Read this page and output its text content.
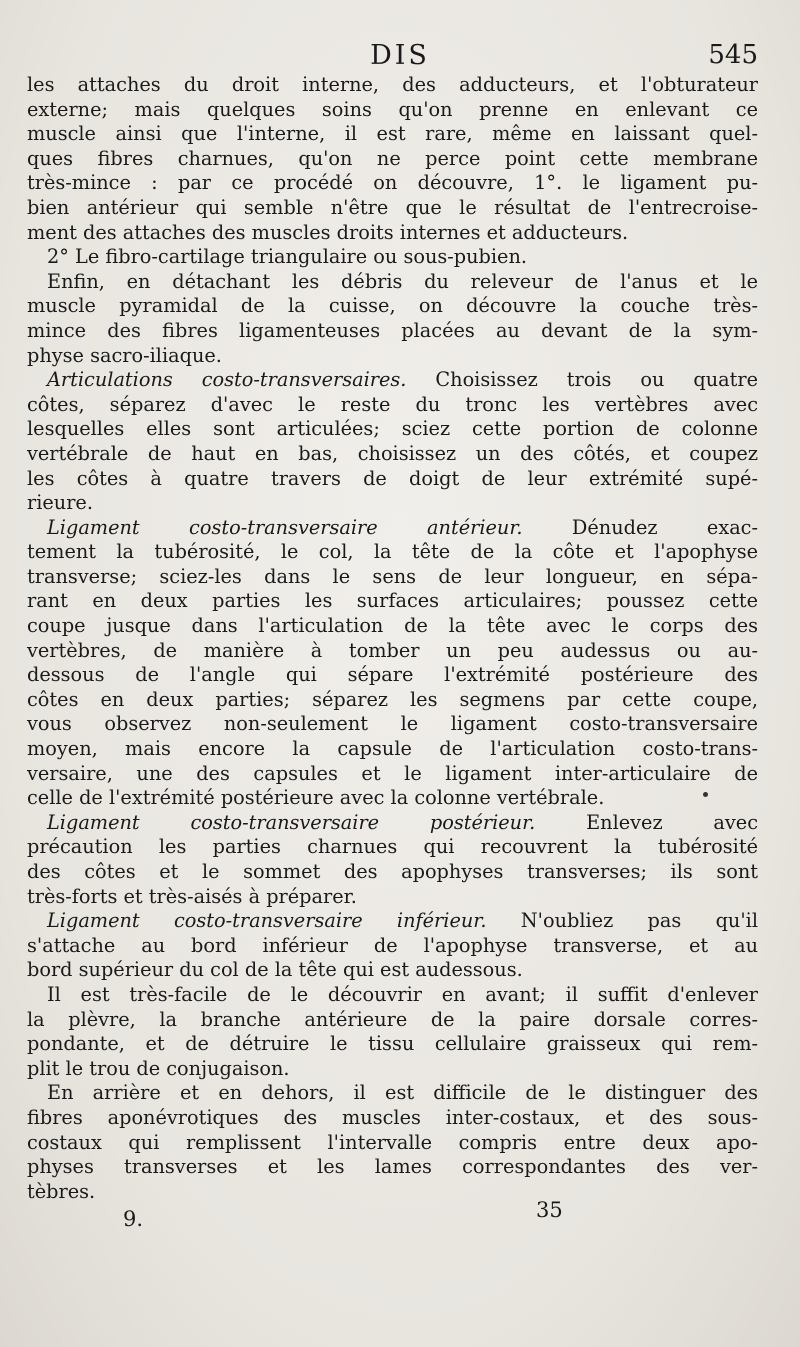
DIS	545
les attaches du droit interne, des adducteurs, et l'obturateur
externe; mais quelques soins qu'on prenne en enlevant ce
muscle ainsi que l'interne, il est rare, même en laissant quel-
ques fibres charnues, qu'on ne perce point cette membrane
très-mince : par ce procédé on découvre, 1°. le ligament pu-
bien antérieur qui semble n'être que le résultat de l'entrecroise-
ment des attaches des muscles droits internes et adducteurs.
2° Le fibro-cartilage triangulaire ou sous-pubien.
Enfin, en détachant les débris du releveur de l'anus et le
muscle pyramidal de la cuisse, on découvre la couche très-
mince des fibres ligamenteuses placées au devant de la sym-
physe sacro-iliaque.
Articulations costo-transversaires. Choisissez trois ou quatre
côtes, séparez d'avec le reste du tronc les vertèbres avec
lesquelles elles sont articulées; sciez cette portion de colonne
vertébrale de haut en bas, choisissez un des côtés, et coupez
les côtes à quatre travers de doigt de leur extrémité supé-
rieure.
Ligament costo-transversaire antérieur. Dénudez exac-
tement la tubérosité, le col, la tête de la côte et l'apophyse
transverse; sciez-les dans le sens de leur longueur, en sépa-
rant en deux parties les surfaces articulaires; poussez cette
coupe jusque dans l'articulation de la tête avec le corps des
vertèbres, de manière à tomber un peu audessus ou au-
dessous de l'angle qui sépare l'extrémité postérieure des
côtes en deux parties; séparez les segmens par cette coupe,
vous observez non-seulement le ligament costo-transversaire
moyen, mais encore la capsule de l'articulation costo-trans-
versaire, une des capsules et le ligament inter-articulaire de
celle de l'extrémité postérieure avec la colonne vertébrale.
Ligament costo-transversaire postérieur. Enlevez avec
précaution les parties charnues qui recouvrent la tubérosité
des côtes et le sommet des apophyses transverses; ils sont
très-forts et très-aisés à préparer.
Ligament costo-transversaire inférieur. N'oubliez pas qu'il
s'attache au bord inférieur de l'apophyse transverse, et au
bord supérieur du col de la tête qui est audessous.
Il est très-facile de le découvrir en avant; il suffit d'enlever
la plèvre, la branche antérieure de la paire dorsale corres-
pondante, et de détruire le tissu cellulaire graisseux qui rem-
plit le trou de conjugaison.
En arrière et en dehors, il est difficile de le distinguer des
fibres aponévrotiques des muscles inter-costaux, et des sous-
costaux qui remplissent l'intervalle compris entre deux apo-
physes transverses et les lames correspondantes des ver-
tèbres.
9.	35
